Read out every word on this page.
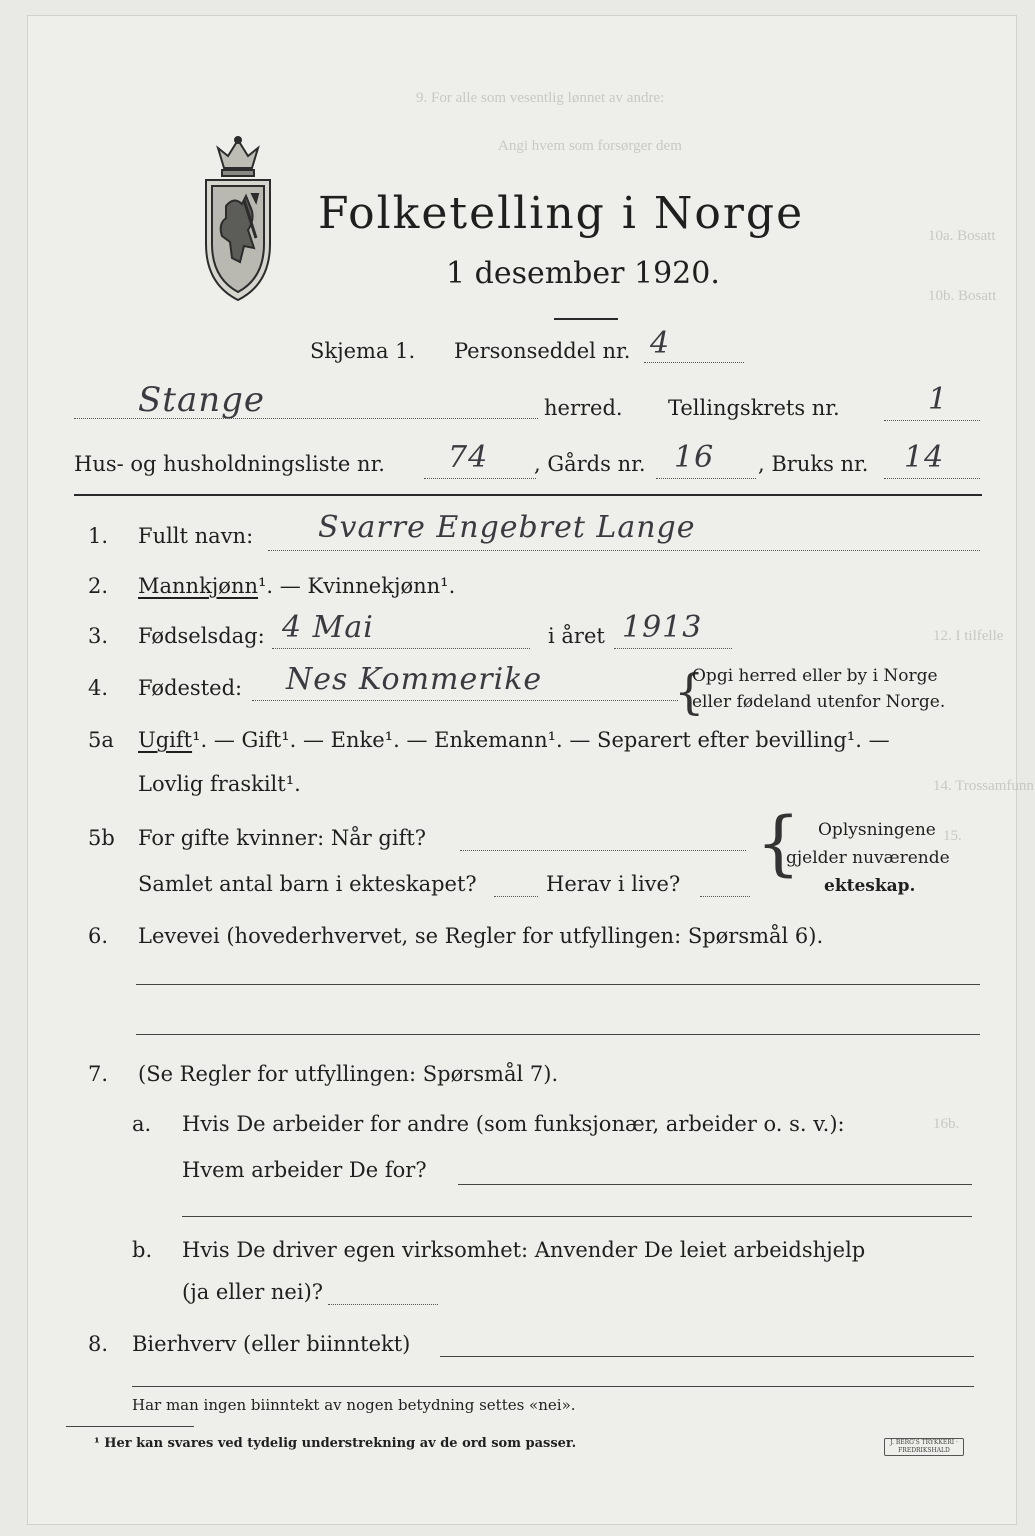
9. For alle som vesentlig lønnet av andre:
Angi hvem som forsørger dem
10a. Bosatt
10b. Bosatt
12. I tilfelle
14. Trossamfunn
15.
16b.
Folketelling i Norge
1 desember 1920.
Skjema 1. Personseddel nr. 4
Stange	herred. Tellingskrets nr.	1
Hus- og husholdningsliste nr. 74 , Gårds nr. 16 , Bruks nr. 14
1. Fullt navn: Svarre Engebret Lange
2. Mannkjønn¹. — Kvinnekjønn¹.
3. Fødselsdag: 4 Mai	i året 1913
4. Fødested: Nes Kommerike	{
Opgi herred eller by i Norge
eller fødeland utenfor Norge.
5a Ugift¹. — Gift¹. — Enke¹. — Enkemann¹. — Separert efter bevilling¹. —
Lovlig fraskilt¹.
5b For gifte kvinner: Når gift?
Samlet antal barn i ekteskapet?	Herav i live? { Oplysningene
gjelder nuværende
ekteskap.
6. Levevei (hovederhvervet, se Regler for utfyllingen: Spørsmål 6).
7. (Se Regler for utfyllingen: Spørsmål 7).
a. Hvis De arbeider for andre (som funksjonær, arbeider o. s. v.):
Hvem arbeider De for?
b. Hvis De driver egen virksomhet: Anvender De leiet arbeidshjelp
(ja eller nei)?
8. Bierhverv (eller biinntekt)
Har man ingen biinntekt av nogen betydning settes «nei».
¹ Her kan svares ved tydelig understrekning av de ord som passer.	J. BERG'S TRYKKERI · FREDRIKSHALD
